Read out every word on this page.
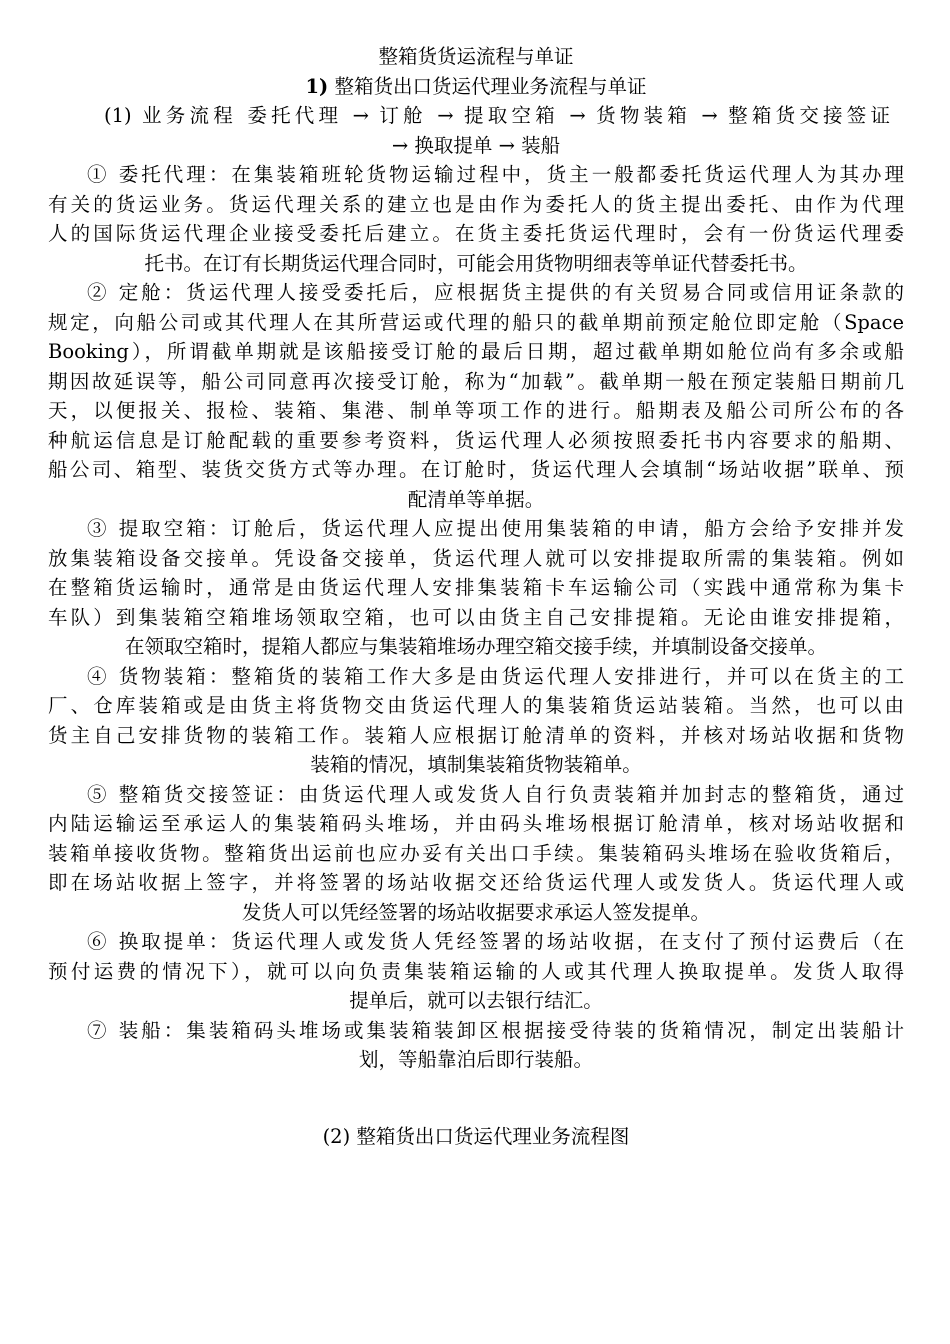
整箱货货运流程与单证
1) 整箱货出口货运代理业务流程与单证
(1) 业务流程 委托代理 → 订舱 → 提取空箱 → 货物装箱 → 整箱货交接签证
→ 换取提单 → 装船
① 委托代理：在集装箱班轮货物运输过程中，货主一般都委托货运代理人为其办理
有关的货运业务。货运代理关系的建立也是由作为委托人的货主提出委托、由作为代理
人的国际货运代理企业接受委托后建立。在货主委托货运代理时，会有一份货运代理委
托书。在订有长期货运代理合同时，可能会用货物明细表等单证代替委托书。
② 定舱：货运代理人接受委托后，应根据货主提供的有关贸易合同或信用证条款的
规定，向船公司或其代理人在其所营运或代理的船只的截单期前预定舱位即定舱（Space
Booking），所谓截单期就是该船接受订舱的最后日期，超过截单期如舱位尚有多余或船
期因故延误等，船公司同意再次接受订舱，称为“加载”。截单期一般在预定装船日期前几
天，以便报关、报检、装箱、集港、制单等项工作的进行。船期表及船公司所公布的各
种航运信息是订舱配载的重要参考资料，货运代理人必须按照委托书内容要求的船期、
船公司、箱型、装货交货方式等办理。在订舱时，货运代理人会填制“场站收据”联单、预
配清单等单据。
③ 提取空箱：订舱后，货运代理人应提出使用集装箱的申请，船方会给予安排并发
放集装箱设备交接单。凭设备交接单，货运代理人就可以安排提取所需的集装箱。例如
在整箱货运输时，通常是由货运代理人安排集装箱卡车运输公司（实践中通常称为集卡
车队）到集装箱空箱堆场领取空箱，也可以由货主自己安排提箱。无论由谁安排提箱，
在领取空箱时，提箱人都应与集装箱堆场办理空箱交接手续，并填制设备交接单。
④ 货物装箱：整箱货的装箱工作大多是由货运代理人安排进行，并可以在货主的工
厂、仓库装箱或是由货主将货物交由货运代理人的集装箱货运站装箱。当然，也可以由
货主自己安排货物的装箱工作。装箱人应根据订舱清单的资料，并核对场站收据和货物
装箱的情况，填制集装箱货物装箱单。
⑤ 整箱货交接签证：由货运代理人或发货人自行负责装箱并加封志的整箱货，通过
内陆运输运至承运人的集装箱码头堆场，并由码头堆场根据订舱清单，核对场站收据和
装箱单接收货物。整箱货出运前也应办妥有关出口手续。集装箱码头堆场在验收货箱后，
即在场站收据上签字，并将签署的场站收据交还给货运代理人或发货人。货运代理人或
发货人可以凭经签署的场站收据要求承运人签发提单。
⑥ 换取提单：货运代理人或发货人凭经签署的场站收据，在支付了预付运费后（在
预付运费的情况下），就可以向负责集装箱运输的人或其代理人换取提单。发货人取得
提单后，就可以去银行结汇。
⑦ 装船：集装箱码头堆场或集装箱装卸区根据接受待装的货箱情况，制定出装船计
划，等船靠泊后即行装船。
(2) 整箱货出口货运代理业务流程图
